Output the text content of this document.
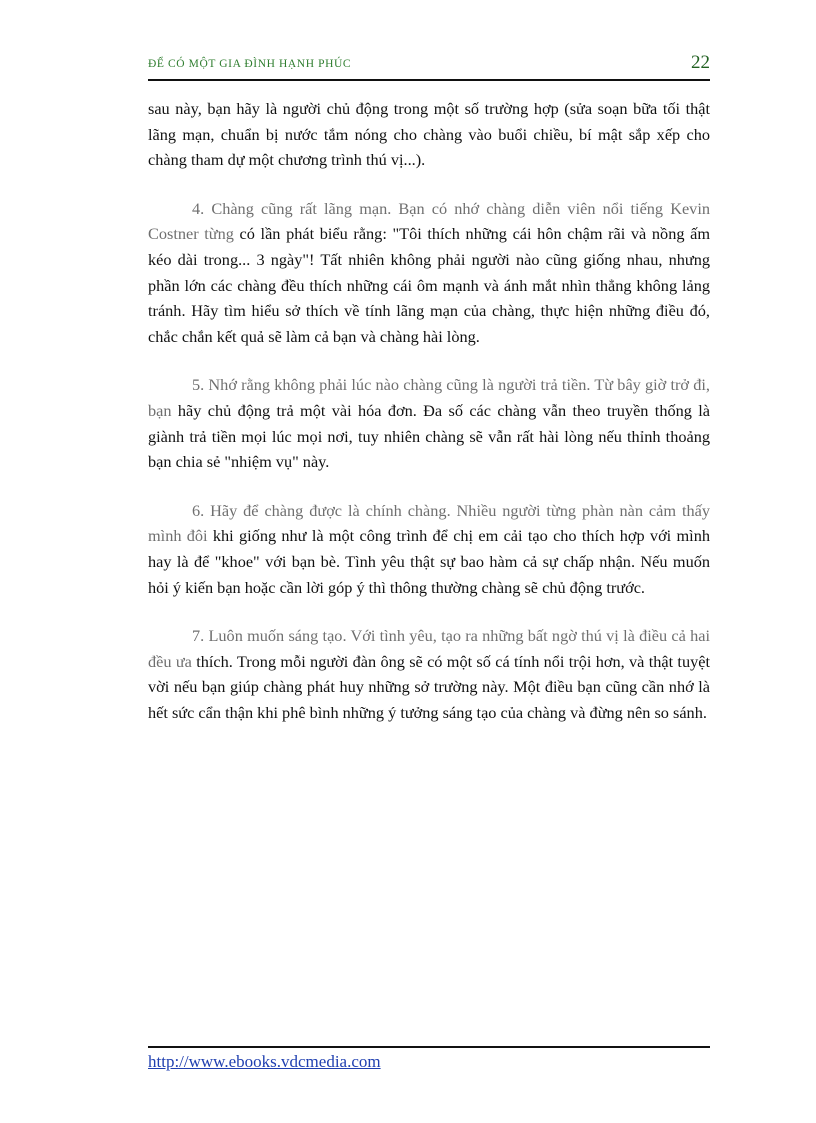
ĐỂ CÓ MỘT GIA ĐÌNH HẠNH PHÚC	22

sau này, bạn hãy là người chủ động trong một số trường hợp (sửa soạn bữa tối thật lãng mạn, chuẩn bị nước tắm nóng cho chàng vào buổi chiều, bí mật sắp xếp cho chàng tham dự một chương trình thú vị...).

4. Chàng cũng rất lãng mạn. Bạn có nhớ chàng diễn viên nổi tiếng Kevin Costner từng có lần phát biểu rằng: "Tôi thích những cái hôn chậm rãi và nồng ấm kéo dài trong... 3 ngày"! Tất nhiên không phải người nào cũng giống nhau, nhưng phần lớn các chàng đều thích những cái ôm mạnh và ánh mắt nhìn thẳng không lảng tránh. Hãy tìm hiểu sở thích về tính lãng mạn của chàng, thực hiện những điều đó, chắc chắn kết quả sẽ làm cả bạn và chàng hài lòng.

5. Nhớ rằng không phải lúc nào chàng cũng là người trả tiền. Từ bây giờ trở đi, bạn hãy chủ động trả một vài hóa đơn. Đa số các chàng vẫn theo truyền thống là giành trả tiền mọi lúc mọi nơi, tuy nhiên chàng sẽ vẫn rất hài lòng nếu thỉnh thoảng bạn chia sẻ "nhiệm vụ" này.

6. Hãy để chàng được là chính chàng. Nhiều người từng phàn nàn cảm thấy mình đôi khi giống như là một công trình để chị em cải tạo cho thích hợp với mình hay là để "khoe" với bạn bè. Tình yêu thật sự bao hàm cả sự chấp nhận. Nếu muốn hỏi ý kiến bạn hoặc cần lời góp ý thì thông thường chàng sẽ chủ động trước.

7. Luôn muốn sáng tạo. Với tình yêu, tạo ra những bất ngờ thú vị là điều cả hai đều ưa thích. Trong mỗi người đàn ông sẽ có một số cá tính nổi trội hơn, và thật tuyệt vời nếu bạn giúp chàng phát huy những sở trường này. Một điều bạn cũng cần nhớ là hết sức cẩn thận khi phê bình những ý tưởng sáng tạo của chàng và đừng nên so sánh.

http://www.ebooks.vdcmedia.com
